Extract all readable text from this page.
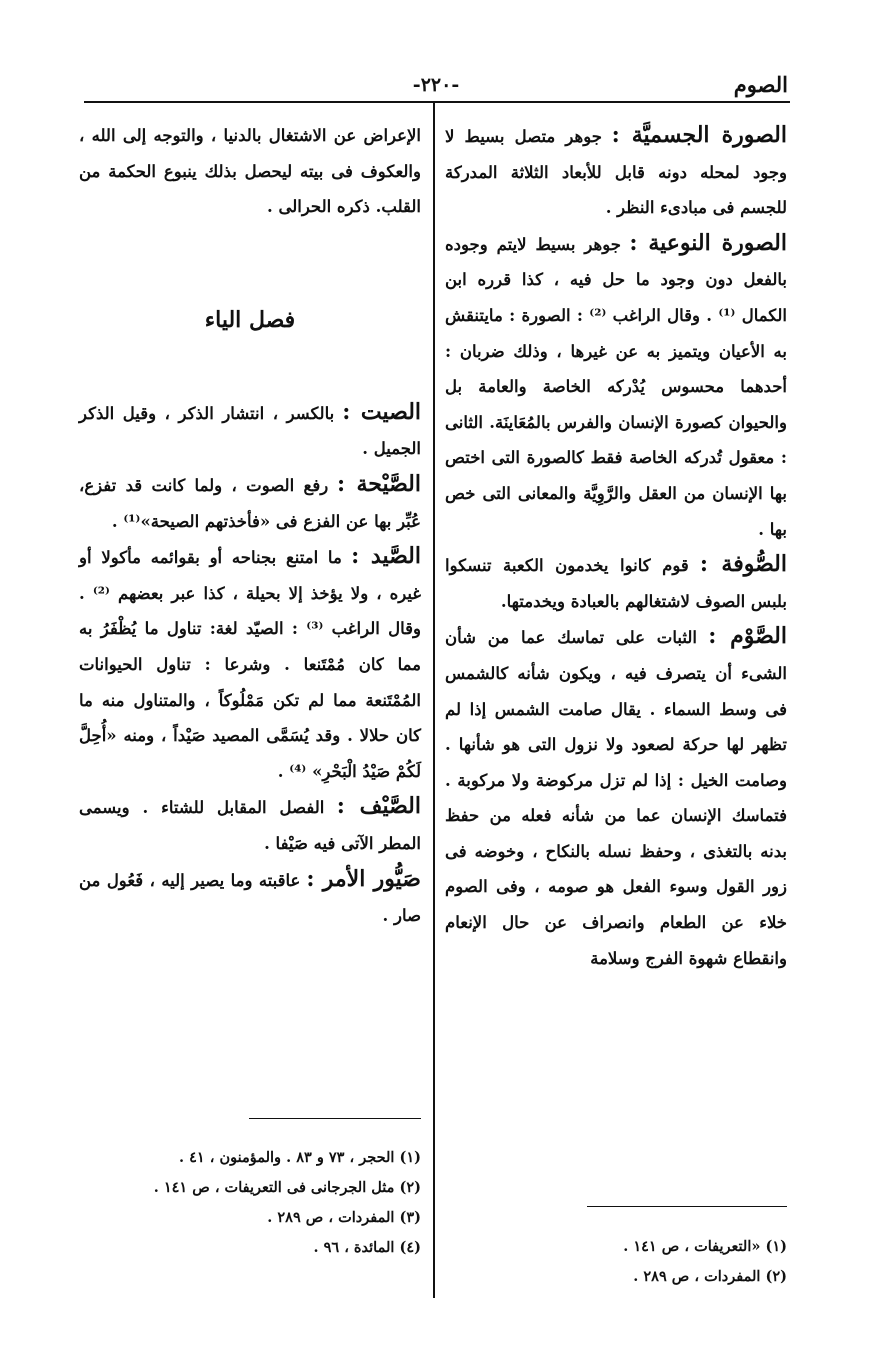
الصوم
-٢٢٠-

الصورة الجسميَّة : جوهر متصل بسيط لا وجود لمحله دونه قابل للأبعاد الثلاثة المدركة للجسم فى مبادىء النظر .

الصورة النوعية : جوهر بسيط لايتم وجوده بالفعل دون وجود ما حل فيه ، كذا قرره ابن الكمال ⁽¹⁾ . وقال الراغب ⁽²⁾ : الصورة : مايتنقش به الأعيان ويتميز به عن غيرها ، وذلك ضربان : أحدهما محسوس يُدْركه الخاصة والعامة بل والحيوان كصورة الإنسان والفرس بالمُعَاينَة. الثانى : معقول تُدركه الخاصة فقط كالصورة التى اختص بها الإنسان من العقل والرَّوِيَّة والمعانى التى خص بها .

الصُّوفة : قوم كانوا يخدمون الكعبة تنسكوا بلبس الصوف لاشتغالهم بالعبادة ويخدمتها.

الصَّوْم : الثبات على تماسك عما من شأن الشىء أن يتصرف فيه ، ويكون شأنه كالشمس فى وسط السماء . يقال صامت الشمس إذا لم تظهر لها حركة لصعود ولا نزول التى هو شأنها . وصامت الخيل : إذا لم تزل مركوضة ولا مركوبة . فتماسك الإنسان عما من شأنه فعله من حفظ بدنه بالتغذى ، وحفظ نسله بالنكاح ، وخوضه فى زور القول وسوء الفعل هو صومه ، وفى الصوم خلاء عن الطعام وانصراف عن حال الإنعام وانقطاع شهوة الفرج وسلامة

(١) «التعريفات ، ص ١٤١ .
(٢) المفردات ، ص ٢٨٩ .

الإعراض عن الاشتغال بالدنيا ، والتوجه إلى الله ، والعكوف فى بيته ليحصل بذلك ينبوع الحكمة من القلب. ذكره الحرالى .

فصل الياء

الصيت : بالكسر ، انتشار الذكر ، وقيل الذكر الجميل .

الصَّيْحة : رفع الصوت ، ولما كانت قد تفزع، عُبِّر بها عن الفزع فى «فأخذتهم الصيحة»⁽¹⁾ .

الصَّيد : ما امتنع بجناحه أو بقوائمه مأكولا أو غيره ، ولا يؤخذ إلا بحيلة ، كذا عبر بعضهم ⁽²⁾ . وقال الراغب ⁽³⁾ : الصيّد لغة: تناول ما يُظْفَرُ به مما كان مُمْتَنعا . وشرعا : تناول الحيوانات المُمْتَنعة مما لم تكن مَمْلُوكاً ، والمتناول منه ما كان حلالا . وقد يُسَمَّى المصيد صَيْداً ، ومنه «أُحِلَّ لَكُمْ صَيْدُ الْبَحْرِ» ⁽⁴⁾ .

الصَّيْف : الفصل المقابل للشتاء . ويسمى المطر الآتى فيه صَيْفا .

صَيُّور الأمر : عاقبته وما يصير إليه ، فَعُول من صار .

(١) الحجر ، ٧٣ و ٨٣ . والمؤمنون ، ٤١ .
(٢) مثل الجرجانى فى التعريفات ، ص ١٤١ .
(٣) المفردات ، ص ٢٨٩ .
(٤) المائدة ، ٩٦ .
